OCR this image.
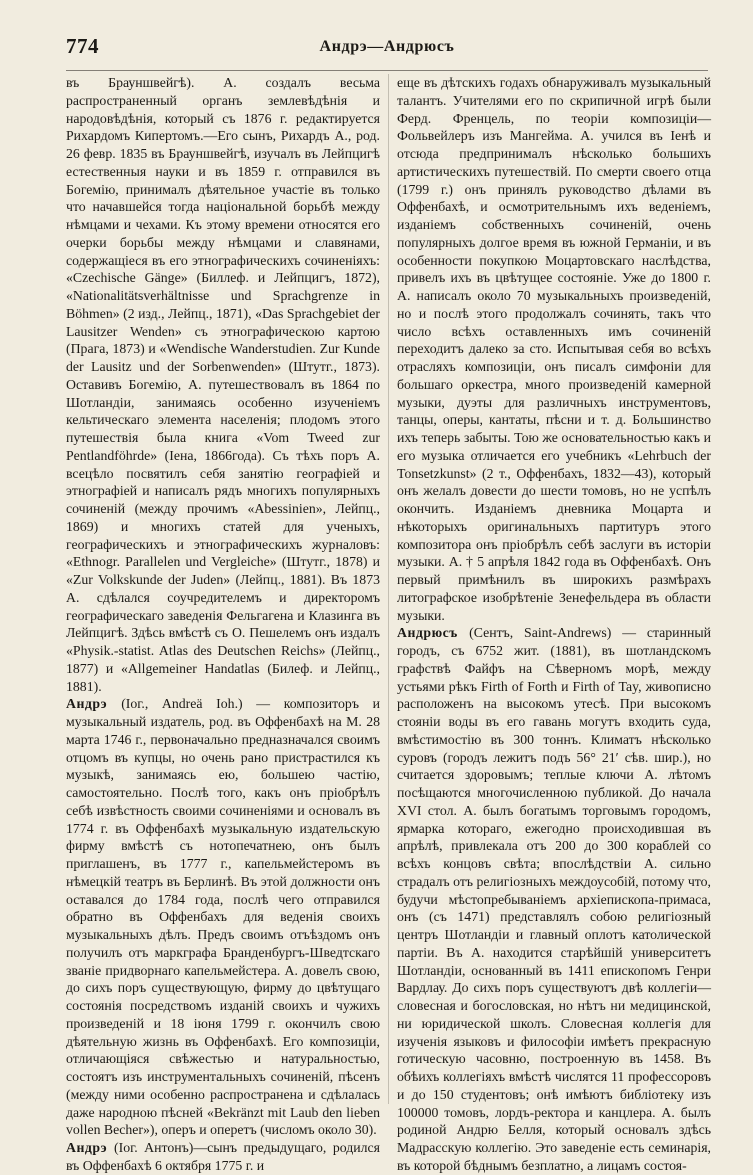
774	Андрэ—Андрюсъ

въ Брауншвейгѣ). А. создалъ весьма распространенный органъ землевѣдѣнія и народовѣдѣнія, который съ 1876 г. редактируется Рихардомъ Кипертомъ.—Его сынъ, Рихардъ А., род. 26 февр. 1835 въ Брауншвейгѣ, изучалъ въ Лейпцигѣ естественныя науки и въ 1859 г. отправился въ Богемію, принималъ дѣятельное участіе въ только что начавшейся тогда національной борьбѣ между нѣмцами и чехами. Къ этому времени относятся его очерки борьбы между нѣмцами и славянами, содержащіеся въ его этнографическихъ сочиненіяхъ: «Czechische Gänge» (Биллеф. и Лейпцигъ, 1872), «Nationalitätsverhältnisse und Sprachgrenze in Böhmen» (2 изд., Лейпц., 1871), «Das Sprachgebiet der Lausitzer Wenden» съ этнографическою картою (Прага, 1873) и «Wendische Wanderstudien. Zur Kunde der Lausitz und der Sorbenwenden» (Штутг., 1873). Оставивъ Богемію, А. путешествовалъ въ 1864 по Шотландіи, занимаясь особенно изученіемъ кельтическаго элемента населенія; плодомъ этого путешествія была книга «Vom Tweed zur Pentlandföhrde» (Іена, 1866года). Съ тѣхъ поръ А. всецѣло посвятилъ себя занятію географіей и этнографіей и написалъ рядъ многихъ популярныхъ сочиненій (между прочимъ «Abessinien», Лейпц., 1869) и многихъ статей для ученыхъ, географическихъ и этнографическихъ журналовъ: «Ethnogr. Parallelen und Vergleiche» (Штутг., 1878) и «Zur Volkskunde der Juden» (Лейпц., 1881). Въ 1873 А. сдѣлался соучредителемъ и директоромъ географическаго заведенія Фельгагена и Клазинга въ Лейпцигѣ. Здѣсь вмѣстѣ съ О. Пешелемъ онъ издалъ «Physik.-statist. Atlas des Deutschen Reichs» (Лейпц., 1877) и «Allgemeiner Handatlas (Билеф. и Лейпц., 1881).

Андрэ (Іог., Andreä Ioh.) — композиторъ и музыкальный издатель, род. въ Оффенбахѣ на М. 28 марта 1746 г., первоначально предназначался своимъ отцомъ въ купцы, но очень рано пристрастился къ музыкѣ, занимаясь ею, большею частію, самостоятельно. Послѣ того, какъ онъ пріобрѣлъ себѣ извѣстность своими сочиненіями и основалъ въ 1774 г. въ Оффенбахѣ музыкальную издательскую фирму вмѣстѣ съ нотопечатнею, онъ былъ приглашенъ, въ 1777 г., капельмейстеромъ въ нѣмецкій театръ въ Берлинѣ. Въ этой должности онъ оставался до 1784 года, послѣ чего отправился обратно въ Оффенбахъ для веденія своихъ музыкальныхъ дѣлъ. Предъ своимъ отъѣздомъ онъ получилъ отъ маркграфа Бранденбургъ-Шведтскаго званіе придворнаго капельмейстера. А. довелъ свою, до сихъ поръ существующую, фирму до цвѣтущаго состоянія посредствомъ изданій своихъ и чужихъ произведеній и 18 іюня 1799 г. окончилъ свою дѣятельную жизнь въ Оффенбахѣ. Его композиціи, отличающіяся свѣжестью и натуральностью, состоятъ изъ инструментальныхъ сочиненій, пѣсенъ (между ними особенно распространена и сдѣлалась даже народною пѣсней «Bekränzt mit Laub den lieben vollen Becher»), оперъ и оперетъ (числомъ около 30).

Андрэ (Іог. Антонъ)—сынъ предыдущаго, родился въ Оффенбахѣ 6 октября 1775 г. и

еще въ дѣтскихъ годахъ обнаруживалъ музыкальный талантъ. Учителями его по скрипичной игрѣ были Ферд. Френцель, по теоріи композиціи—Фольвейлеръ изъ Мангейма. А. учился въ Іенѣ и отсюда предпринималъ нѣсколько большихъ артистическихъ путешествій. По смерти своего отца (1799 г.) онъ принялъ руководство дѣлами въ Оффенбахѣ, и осмотрительнымъ ихъ веденіемъ, изданіемъ собственныхъ сочиненій, очень популярныхъ долгое время въ южной Германіи, и въ особенности покупкою Моцартовскаго наслѣдства, привелъ ихъ въ цвѣтущее состояніе. Уже до 1800 г. А. написалъ около 70 музыкальныхъ произведеній, но и послѣ этого продолжалъ сочинять, такъ что число всѣхъ оставленныхъ имъ сочиненій переходитъ далеко за сто. Испытывая себя во всѣхъ отрасляхъ композиціи, онъ писалъ симфоніи для большаго оркестра, много произведеній камерной музыки, дуэты для различныхъ инструментовъ, танцы, оперы, кантаты, пѣсни и т. д. Большинство ихъ теперь забыты. Тою же основательностью какъ и его музыка отличается его учебникъ «Lehrbuch der Tonsetzkunst» (2 т., Оффенбахъ, 1832—43), который онъ желалъ довести до шести томовъ, но не успѣлъ окончить. Изданіемъ дневника Моцарта и нѣкоторыхъ оригинальныхъ партитуръ этого композитора онъ пріобрѣлъ себѣ заслуги въ исторіи музыки. А. † 5 апрѣля 1842 года въ Оффенбахѣ. Онъ первый примѣнилъ въ широкихъ размѣрахъ литографское изобрѣтеніе Зенефельдера въ области музыки.

Андрюсъ (Сентъ, Saint-Andrews) — старинный городъ, съ 6752 жит. (1881), въ шотландскомъ графствѣ Файфъ на Сѣверномъ морѣ, между устьями рѣкъ Firth of Forth и Firth of Tay, живописно расположенъ на высокомъ утесѣ. При высокомъ стояніи воды въ его гавань могутъ входить суда, вмѣстимостію въ 300 тоннъ. Климатъ нѣсколько суровъ (городъ лежитъ подъ 56° 21′ сѣв. шир.), но считается здоровымъ; теплые ключи А. лѣтомъ посѣщаются многочисленною публикой. До начала XVI стол. А. былъ богатымъ торговымъ городомъ, ярмарка котораго, ежегодно происходившая въ апрѣлѣ, привлекала отъ 200 до 300 кораблей со всѣхъ концовъ свѣта; впослѣдствіи А. сильно страдалъ отъ религіозныхъ междоусобій, потому что, будучи мѣстопребываніемъ архіепископа-примаса, онъ (съ 1471) представлялъ собою религіозный центръ Шотландіи и главный оплотъ католической партіи. Въ А. находится старѣйшій университетъ Шотландіи, основанный въ 1411 епископомъ Генри Вардлау. До сихъ поръ существуютъ двѣ коллегіи—словесная и богословская, но нѣтъ ни медицинской, ни юридической школъ. Словесная коллегія для изученія языковъ и философіи имѣетъ прекрасную готическую часовню, построенную въ 1458. Въ обѣихъ коллегіяхъ вмѣстѣ числятся 11 профессоровъ и до 150 студентовъ; онѣ имѣютъ библіотеку изъ 100000 томовъ, лордъ-ректора и канцлера. А. былъ родиной Андрю Белля, который основалъ здѣсь Мадрасскую коллегію. Это заведеніе есть семинарія, въ которой бѣднымъ безплатно, а лицамъ состоя-
